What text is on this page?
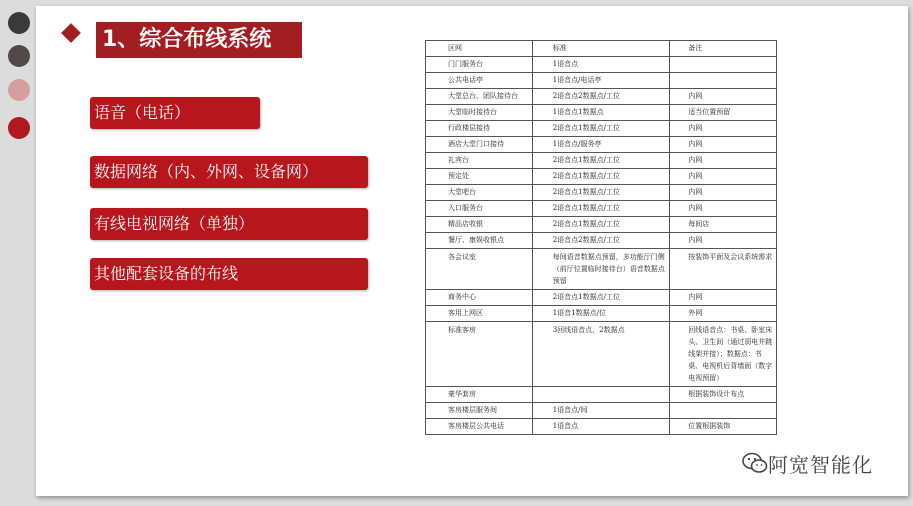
1、综合布线系统
语音（电话）
数据网络（内、外网、设备网）
有线电视网络（单独）
其他配套设备的布线
区网	标准	备注
门门服务台	1语音点	
公共电话亭	1语音点/电话亭	
大堂总台、团队接待台	2语音点2数据点/工位	内网
大堂临时接待台	1语音点1数据点	适当位置预留
行政楼层接待	2语音点1数据点/工位	内网
酒店大堂门口接待	1语音点/服务亭	内网
礼宾台	2语音点1数据点/工位	内网
预定处	2语音点1数据点/工位	内网
大堂吧台	2语音点1数据点/工位	内网
入口服务台	2语音点1数据点/工位	内网
精品店收银	2语音点1数据点/工位	每间店
餐厅、康娱收银点	2语音点2数据点/工位	内网
各会议室	每间语音数据点预留，多功能厅门侧（前厅位置临时接待台）语音数据点预留	按装饰平面及会议系统需求
商务中心	2语音点1数据点/工位	内网
客用上网区	1语音1数据点/位	外网
标准客房	3回线语音点，2数据点	回线语音点：书桌、卧室床头、卫生间（通过弱电井跳线架并接）；数据点：书桌、电视机后背墙面（数字电视预留）
豪华套房		根据装饰设计布点
客房楼层服务间	1语音点/间	
客房楼层公共电话	1语音点	位置根据装饰
阿宽智能化
